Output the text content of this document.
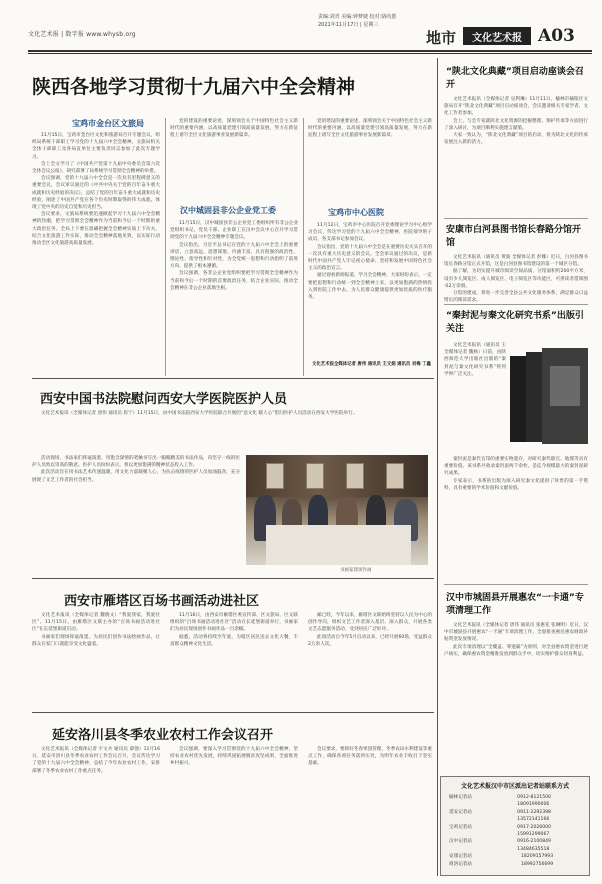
文化艺术报 | 数字报 www.whysb.org
责编:刘青 美编:钟梦婕 校对:骆尚蕙
2021年11月17日 | 星期三
地市	文化艺术报 A03
陕西各地学习贯彻十九届六中全会精神
宝鸡市金台区文旅局

11月15日，宝鸡市金台区文化和旅游局召开专题会议，组织局系统干部职工学习党的十九届六中全会精神。文旅局机关全体干部职工及各局直单位主要负责同志参加了此次专题学习。

会上全文学习了《中国共产党第十九届中央委员会第六次全体会议公报》，研究部署了局系统学习贯彻全会精神的举措。

会议强调，党的十九届六中全会是一次具有里程碑意义的重要会议，会议审议通过的《中共中央关于党的百年奋斗重大成就和历史经验的决议》，总结了党的百年奋斗重大成就和历史经验，阐述了中国共产党在各个历史时期取得的伟大成就。体现了党中央的历史自觉和历史担当。

会议要求，文旅局系统要迅速掀起学习十九届六中全会精神的热潮，把学习贯彻全会精神作为当前和今后一个时期的重大政治任务。全局上下要在准确把握全会精神实质上下功夫，结合文化旅游工作实际，推动全会精神落地见效，以实际行动推动全区文化旅游高质量发展。

党的建设的重要论述，深刻领会关于中国特色社会主义新时代的重要内涵，以高质量党建引领高质量发展，努力在新征程上谱写全区文化旅游事业发展新篇章。

汉中城固县非公企业党工委

11月15日，汉中城固县非公企业党工委组织所有非公企业党组织书记、党员干部、企业职工在汉中会议中心召开学习贯彻党的十九届六中全会精神专题会议。

会议指出，习近平总书记在党的十九届六中全会上的重要讲话，立意高远、思想深邃、内涵丰富，具有很强的政治性、理论性、指导性和针对性，为全党统一思想和行动指明了前进方向，提供了根本遵循。

会议强调，各非公企业党组织要把学习贯彻全会精神作为当前和今后一个时期的首要政治任务，结合企业实际，推动全会精神在非公企业落地生根。

党的建设的重要论述，深刻领会关于中国特色社会主义新时代的重要内涵，以高质量党建引领高质量发展，努力在新征程上谱写全区文化旅游事业发展新篇章。

宝鸡市中心医院

11月12日，宝鸡市中心医院召开党委理论学习中心组学习会议，传达学习党的十九届六中全会精神，医院领导班子成员、各支部书记参加会议。

会议指出，党的十九届六中全会是在重要历史关头召开的一次具有重大历史意义的会议。全会审议通过的决议，是新时代中国共产党人牢记初心使命、坚持和发展中国特色社会主义的政治宣言。

通过观看新闻报道、学习全会精神，大家纷纷表示，一定要把思想和行动统一到全会精神上来，以更加饱满的热情投入到医院工作中去，为人民群众健康提供更加优质的医疗服务。

文化艺术报全媒体记者 唐伟 通讯员 王文娟 通讯员 刘梅 丁鑫
西安中国书法院慰问西安大学医院医护人员

文化艺术报讯（全媒体记者 唐伟 通讯员 崔宁）11月15日，由中国书法院西安大学医院联合开展的“送文化 暖人心”慰问医护人员活动在西安大学医院举行。

活动现场，书法家们挥毫泼墨，用饱含深情的笔触书写出一幅幅精美的书法作品，向坚守一线的医护人员致以崇高的敬意。医护人员纷纷表示，将以更加饱满的精神状态投入工作。

此次活动旨在用书法艺术传递温暖，用文化力量凝聚人心，为抗击疫情的医护人员加油鼓劲，充分展现了文艺工作者的社会担当。

书画家现场作画
西安市雁塔区百场书画活动进社区

文化艺术报讯（全媒体记者 魏晓文）“我爱我家，我爱社区”。11月15日，由雁塔区文联主办的“百场书画活动进社区”在长延堡街道启动。

书画家们现场挥毫泼墨，为居民们创作书法绘画作品，让群众在家门口就能享受文化盛宴。

11月16日，由西安市雁塔区委宣传部、区文旅局、区文联组织的“百场书画活动进社区”活动在长延堡街道举行，书画家们为居民现场创作书画作品一百余幅。

据悉，活动将持续至年底，为辖区居民送去文化大餐，丰富群众精神文化生活。

邮已经，今年以来，雁塔区文联始终坚持以人民为中心的创作导向，组织文艺工作者深入基层、深入群众，开展各类文艺志愿服务活动，受到居民广泛好评。

此项活动自今年5月启动以来，已经开展60场，受益群众2万余人次。

延安洛川县冬季农业农村工作会议召开

文化艺术报讯（全媒体记者 宇文兵 通讯员 薛强）11月16日，延安市洛川县冬季农业农村工作会议召开，会议传达学习了党的十九届六中全会精神，总结了今年农业农村工作，安排部署了冬季农业农村工作重点任务。

会议强调，要深入学习贯彻党的十九届六中全会精神，坚持农业农村优先发展，持续巩固拓展脱贫攻坚成果，全面推进乡村振兴。

会议要求，要抓好冬春果园管理、冬季农田水利建设等重点工作，确保各项任务落到实处，为明年农业丰收打下坚实基础。

“陕北文化典藏”项目启动座谈会召开

文化艺术报讯（全媒体记者 皇利琳）11月11日，榆林市榆阳区文旅局召开“陕北文化典藏”项目启动座谈会，会议邀请相关专家学者、文化工作者参加。

会上，与会专家就陕北文化资源的挖掘整理、保护传承等方面进行了深入研讨，为项目顺利实施建言献策。

大家一致认为，“陕北文化典藏”项目的启动，将为陕北文化的传承发展注入新的活力。

安康市白河县图书馆长春路分馆开馆

文化艺术报讯（通讯员 黄波 全媒体记者 彭娜）近日，白河县图书馆长春路分馆正式开馆，这是白河县图书馆建设的第一个城区分馆。

据了解，为切实提升城市阅读空间品质，分馆面积约200平方米，设有少儿阅览区、成人阅览区、电子阅览区等功能区，可供读者借阅图书2万余册。

分馆的建成，将进一步完善全县公共文化服务体系，满足群众日益增长的阅读需求。

“秦封泥与秦文化研究书系”出版引关注

文化艺术报讯（通讯员 王 全媒体记者 魏杨）日前，由陕西师范大学出版社出版的“秦封泥与秦文化研究书系”得到学界广泛关注。

秦封泥是秦代官印的重要实物遗存，对研究秦代职官、地理等具有重要价值。该书系共收录秦封泥两千余枚，是迄今规模最大的秦封泥研究成果。

专家表示，书系的出版为深入研究秦文化提供了珍贵的第一手资料，具有重要的学术价值和文献价值。

汉中市城固县开展惠农“一卡通”专项清理工作

文化艺术报讯（全媒体记者 唐伟 通讯员 张惠花 张琳明）近日，汉中市城固县开展惠农“一卡通”专项清理工作，全面排查惠民惠农财政补贴资金发放情况。

此次专项清理以“全覆盖、零遗漏”为原则，对全县惠农资金进行逐户核实，确保惠农资金精准发放到群众手中，切实维护群众切身利益。

文化艺术报汉中市区派出记者站联系方式
榆林记者站	0912-8121500 18091990006
延安记者站	0911-2292398 13572141166
宝鸡记者站	0917-2026000 15991299067
汉中记者站	0916-2100849 13484635518
安康记者站	18209157993
商洛记者站	18992756699
